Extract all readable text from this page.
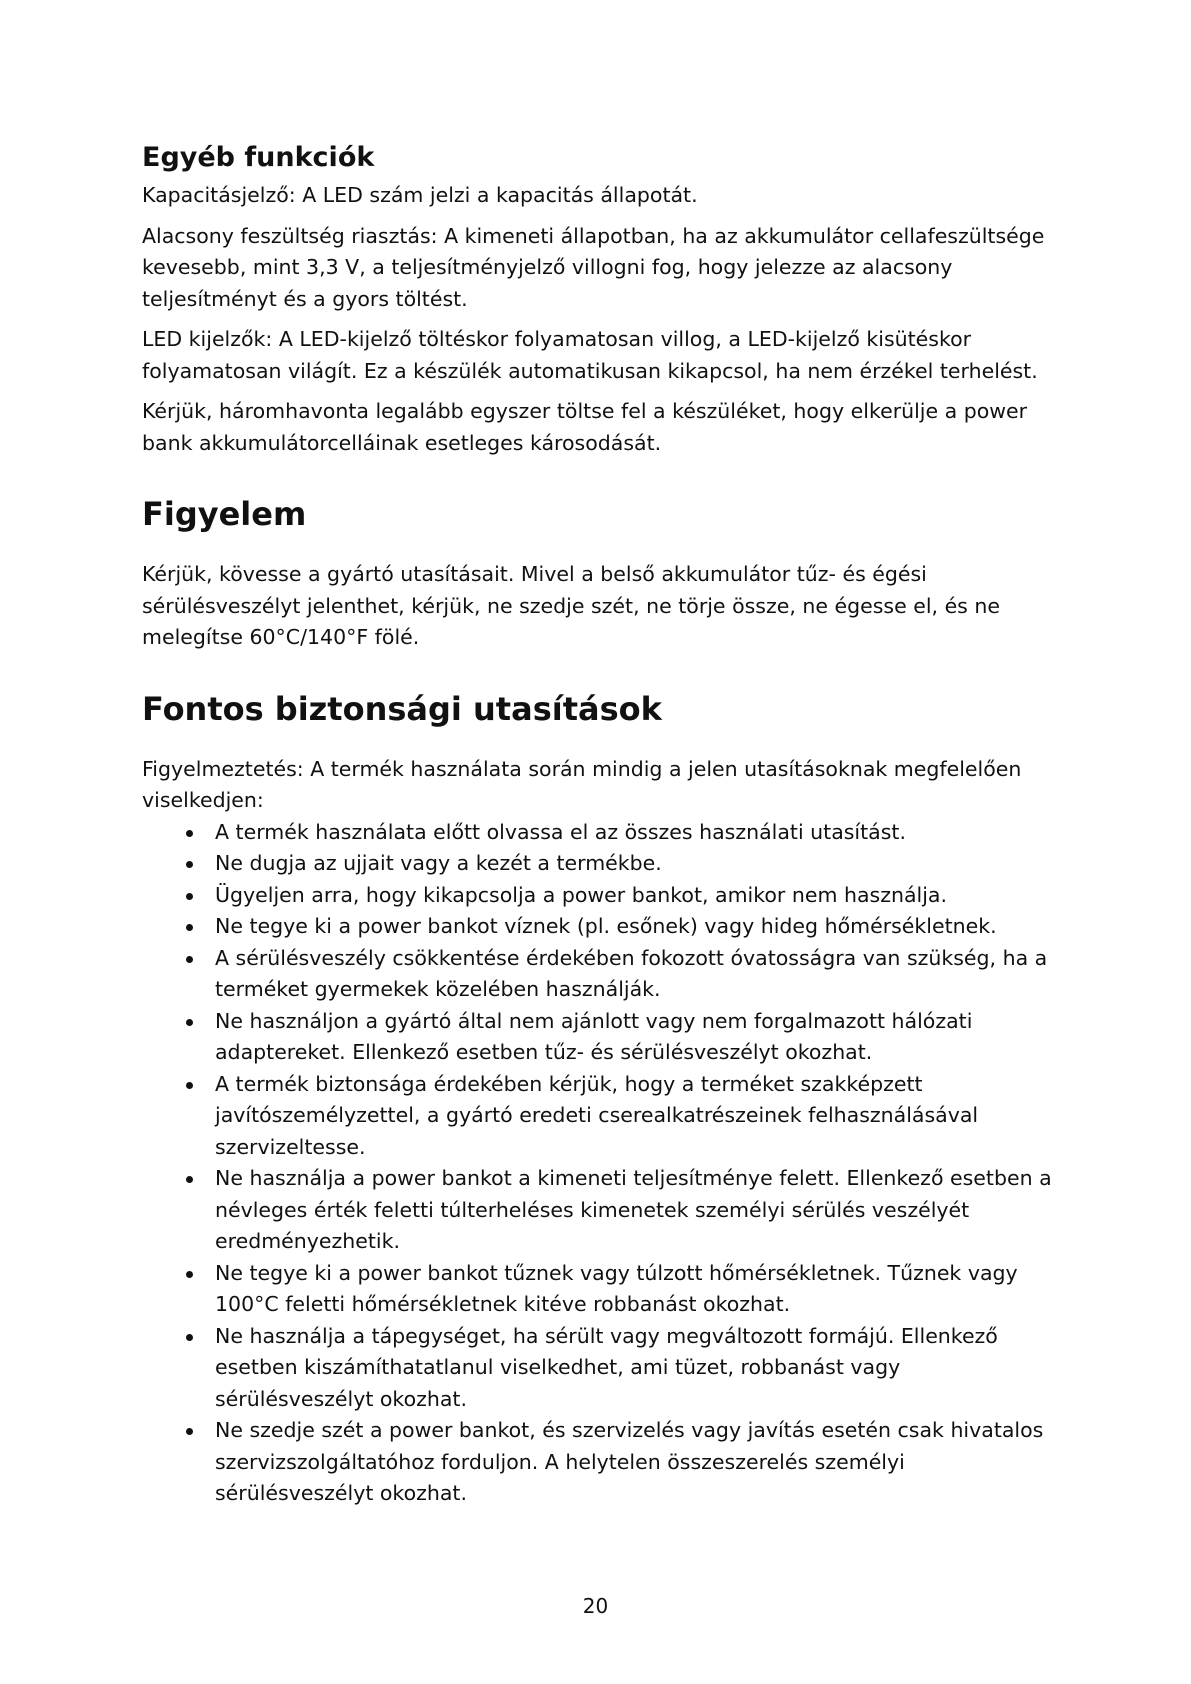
Egyéb funkciók

Kapacitásjelző: A LED szám jelzi a kapacitás állapotát.

Alacsony feszültség riasztás: A kimeneti állapotban, ha az akkumulátor cellafeszültsége kevesebb, mint 3,3 V, a teljesítményjelző villogni fog, hogy jelezze az alacsony teljesítményt és a gyors töltést.

LED kijelzők: A LED-kijelző töltéskor folyamatosan villog, a LED-kijelző kisütéskor folyamatosan világít. Ez a készülék automatikusan kikapcsol, ha nem érzékel terhelést.

Kérjük, háromhavonta legalább egyszer töltse fel a készüléket, hogy elkerülje a power bank akkumulátorcelláinak esetleges károsodását.

Figyelem

Kérjük, kövesse a gyártó utasításait. Mivel a belső akkumulátor tűz- és égési sérülésveszélyt jelenthet, kérjük, ne szedje szét, ne törje össze, ne égesse el, és ne melegítse 60°C/140°F fölé.

Fontos biztonsági utasítások

Figyelmeztetés: A termék használata során mindig a jelen utasításoknak megfelelően viselkedjen:

A termék használata előtt olvassa el az összes használati utasítást.
Ne dugja az ujjait vagy a kezét a termékbe.
Ügyeljen arra, hogy kikapcsolja a power bankot, amikor nem használja.
Ne tegye ki a power bankot víznek (pl. esőnek) vagy hideg hőmérsékletnek.
A sérülésveszély csökkentése érdekében fokozott óvatosságra van szükség, ha a terméket gyermekek közelében használják.
Ne használjon a gyártó által nem ajánlott vagy nem forgalmazott hálózati adaptereket. Ellenkező esetben tűz- és sérülésveszélyt okozhat.
A termék biztonsága érdekében kérjük, hogy a terméket szakképzett javítószemélyzettel, a gyártó eredeti cserealkatrészeinek felhasználásával szervizeltesse.
Ne használja a power bankot a kimeneti teljesítménye felett. Ellenkező esetben a névleges érték feletti túlterheléses kimenetek személyi sérülés veszélyét eredményezhetik.
Ne tegye ki a power bankot tűznek vagy túlzott hőmérsékletnek. Tűznek vagy 100°C feletti hőmérsékletnek kitéve robbanást okozhat.
Ne használja a tápegységet, ha sérült vagy megváltozott formájú. Ellenkező esetben kiszámíthatatlanul viselkedhet, ami tüzet, robbanást vagy sérülésveszélyt okozhat.
Ne szedje szét a power bankot, és szervizelés vagy javítás esetén csak hivatalos szervizszolgáltatóhoz forduljon. A helytelen összeszerelés személyi sérülésveszélyt okozhat.
20
